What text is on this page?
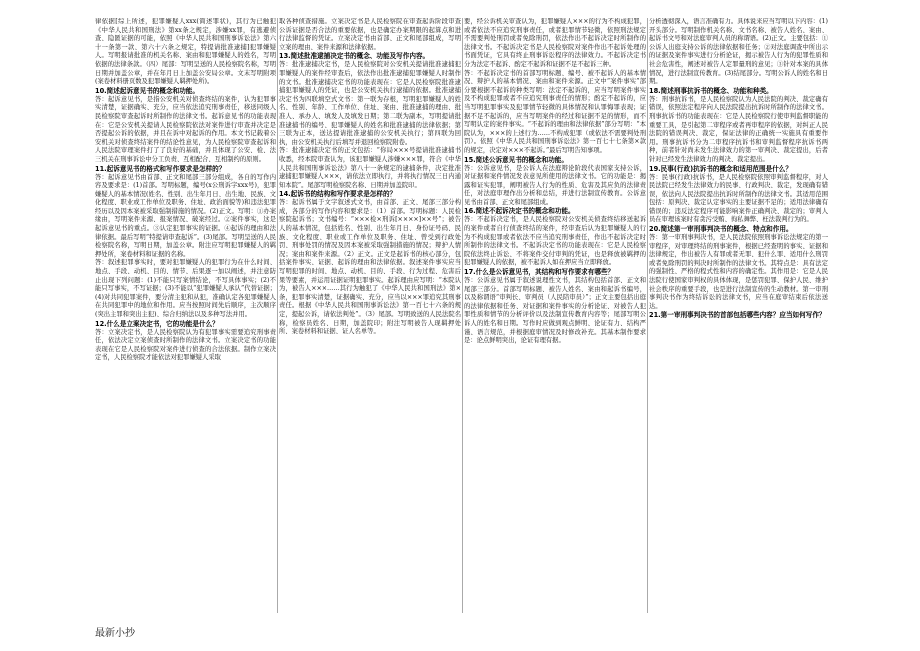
律依据[综上所述，犯罪嫌疑人xxx(简述罪状)，其行为已触犯《中华人民共和国刑法》第xx条之规定，涉嫌xx罪，有逃避侦查、隐匿证据的可能，依照《中华人民共和国刑事诉讼法》第六十一条第一款、第六十六条之规定，特提请批准逮捕]犯罪嫌疑人。写明报请批准的机关名称、案由和犯罪嫌疑人的姓名，写明依据的法律条款。（四）尾部：写明呈送的人民检察院名称，写明日期并加盖公章，并在年月日上加盖公安局公章。文末写明附项(案卷材料册页数及犯罪嫌疑人羁押处所)。
10.简述起诉意见书的概念和功能。
答：起诉意见书，是指公安机关对侦查终结的案件，认为犯罪事实清楚，证据确实、充分，应当依法追究刑事责任，移送同级人民检察院审查起诉时所制作的法律文书。起诉意见书的功能表现在：它是公安机关提请人民检察院依法对案件进行审查并决定是否提起公诉的依据，并且在诉中对起诉的作用。本文书记载着公安机关对侦查终结案件的结论性意见，为人民检察院审查起诉和人民法院审理案件打了了良好的基础，并且体现了公安、检、法三机关在刑事诉讼中分工负责、互相配合、互相制约的原则。
11.起诉意见书的格式和写作要求是怎样的？
答：起诉意见书由首部、正文和尾部三部分组成，各自的写作内容及要求是：(1)首部。写明标题，编号(x公刑诉字xxx号)，犯罪嫌疑人的基本情况(姓名、性别、出生年月日、出生地、民族、文化程度、职业或工作单位及职务、住址、政治面貌等)和违法犯罪经历以及因本案被采取强制措施的情况。(2)正文。写明：①办案缘由，写明案件来源、报案情况、破案经过。②案件事实，这是起诉意见书的重点。③认定犯罪事实的证据。④起诉的理由和法律依据。最后写明“特提请审查起诉”。(3)尾部。写明呈送的人民检察院名称，写明日期，加盖公章。附注应写明犯罪嫌疑人的羁押处所，案卷材料和证据的名称。
答：叙述犯罪事实时，要对犯罪嫌疑人的犯罪行为在什么时间、地点、手段、动机、目的、情节、后果逐一加以阐述，并注意防止出现下列问题：(1)不能只写案情结论，不写具体事实；(2)不能只写事实，不写证据；(3)不能以“犯罪嫌疑人承认”代替证据；(4)对共同犯罪案件，要分清主犯和从犯，准确认定各犯罪嫌疑人在共同犯罪中的地位和作用。应当按照时间先后顺序，主次顺序(突出主罪和突出主犯)、综合归纳法以及多种写法并用。
12.什么是立案决定书，它的功能是什么？
答：立案决定书，是人民检察院认为有犯罪事实需要追究刑事责任，依法决定立案侦查时所制作的法律文书。立案决定书的功能表现在它是人民检察院对案件进行侦查的合法依据。制作立案决定书，人民检察院才能依法对犯罪嫌疑人采取
取各种侦查措施。立案决定书是人民检察院在审查起诉阶段审查公诉证据是否合法的重要依据，也是确定办案期限的起算点和进行法律监督的凭证。立案决定书由首部、正文和尾部组成，写明立案的理由、案件来源和法律依据。
13.简述批准逮捕决定书的概念、功能及写作内容。
答：批准逮捕决定书，是人民检察院对公安机关提请批准逮捕犯罪嫌疑人的案件经审查后，依法作出批准逮捕犯罪嫌疑人时制作的文书。批准逮捕决定书的功能表现在：它是人民检察院批准逮捕犯罪嫌疑人的凭证，也是公安机关执行逮捕的依据。批准逮捕决定书为四联填空式文书：第一联为存根，写明犯罪嫌疑人的姓名、性别、年龄、工作单位、住址、案由、批准逮捕的理由、批准人、承办人、填发人及填发日期；第二联为副本，写明提请批准逮捕书的编号、犯罪嫌疑人的姓名和批准逮捕的法律依据；第三联为正本，送达提请批准逮捕的公安机关执行；第四联为回执，由公安机关执行后填写并退回检察院附卷。
答：批准逮捕决定书的正文包括：“你局×××号提请批准逮捕书收悉，经本院审查认为，该犯罪嫌疑人涉嫌×××罪，符合《中华人民共和国刑事诉讼法》第八十一条规定的逮捕条件，决定批准逮捕犯罪嫌疑人×××，请依法立即执行，并将执行情况三日内通知本院”。尾部写明检察院名称、日期并加盖院印。
14.起诉书的结构和写作要求是怎样的？
答：起诉书属于文字叙述式文书，由首部、正文、尾部三部分构成，各部分的写作内容和要求是：（1）首部。写明标题：人民检察院起诉书；文书编号：“×××检×刑诉[××××]××号”；被告人的基本情况，包括姓名、性别、出生年月日、身份证号码、民族、文化程度、职业或工作单位及职务、住址、曾受到行政处罚、刑事处罚的情况及因本案被采取强制措施的情况；辩护人情况；案由和案件来源。（2）正文。正文是起诉书的核心部分，包括案件事实、证据、起诉的理由和法律依据。叙述案件事实应当写明犯罪的时间、地点、动机、目的、手段、行为过程、危害后果等要素，并运用证据证明犯罪事实。起诉理由应写明：“本院认为，被告人×××……其行为触犯了《中华人民共和国刑法》第×条，犯罪事实清楚，证据确实、充分，应当以×××罪追究其刑事责任。根据《中华人民共和国刑事诉讼法》第一百七十六条的规定，提起公诉，请依法判处”。（3）尾部。写明致送的人民法院名称，检察员姓名、日期，加盖院印；附注写明被告人现羁押处所、案卷材料和证据、证人名单等。
要，经公诉机关审查认为，犯罪嫌疑人×××的行为不构成犯罪，或者依法不应追究刑事责任，或者犯罪情节轻微，依照刑法规定不需要判处刑罚或者免除刑罚，依法作出不起诉决定时所制作的法律文书。不起诉决定书是人民检察院对案件作出不起诉处理的书面凭证，它具有终止刑事诉讼程序的法律效力。不起诉决定书分为法定不起诉、酌定不起诉和证据不足不起诉三种。
答：不起诉决定书的首部写明标题、编号、被不起诉人的基本情况、辩护人的基本情况、案由和案件来源。正文中“案件事实”部分要根据不起诉的种类写明：法定不起诉的，应当写明案件事实及不构成犯罪或者不应追究刑事责任的情形；酌定不起诉的，应当写明犯罪事实及犯罪情节轻微的具体情况和认罪悔罪表现；证据不足不起诉的，应当写明案件的经过和证据不足的情形，而不写明认定的案件事实。“不起诉的理由和法律依据”部分写明：“本院认为，×××的上述行为……不构成犯罪（或依法不需要判处刑罚）。依照《中华人民共和国刑事诉讼法》第一百七十七条第×款的规定，决定对×××不起诉。”最后写明告知事项。
15.简述公诉意见书的概念和功能。
答：公诉意见书，是公诉人在法庭辩论阶段代表国家支持公诉，对证据和案件情况发表意见所使用的法律文书。它的功能是：揭露和证实犯罪，阐明被告人行为的性质、危害及其应负的法律责任，对法庭审理作出分析和总结，并进行法制宣传教育。公诉意见书由首部、正文和尾部组成。
16.简述不起诉决定书的概念和功能。
答：不起诉决定书，是人民检察院对公安机关侦查终结移送起诉的案件或者自行侦查终结的案件，经审查后认为犯罪嫌疑人的行为不构成犯罪或者依法不应当追究刑事责任，作出不起诉决定时所制作的法律文书。不起诉决定书的功能表现在：它是人民检察院依法终止诉讼、不将案件交付审判的凭证，也是释放被羁押的犯罪嫌疑人的依据，被不起诉人如在押应当立即释放。
17.什么是公诉意见书，其结构和写作要求有哪些？
答：公诉意见书属于叙述说理性文书，其结构包括首部、正文和尾部三部分。首部写明标题、被告人姓名、案由和起诉书编号，以及称谓语“审判长、审判员（人民陪审员）”；正文主要包括出庭的法律依据和任务、对证据和案件事实的分析论证、对被告人犯罪性质和情节的分析评价以及法制宣传教育内容等；尾部写明公诉人的姓名和日期。写作时应做到观点鲜明、论证有力、结构严谨、语言规范，并根据庭审情况及时修改补充。其基本制作要求是：论点鲜明突出，论证有理有据。
分析透彻深入，语言准确有力。具体说来应当写明以下内容：(1)开头部分。写明制作机关名称、文书名称、被告人姓名、案由、起诉书文号和对法庭审判人员的称谓语。(2)正文。主要包括：①公诉人出庭支持公诉的法律依据和任务；②对法庭调查中所出示的证据及案件事实进行分析论证，揭示被告人行为的犯罪性质和社会危害性，阐述对被告人定罪量刑的意见；③针对本案的具体情况，进行法制宣传教育。(3)结尾部分。写明公诉人的姓名和日期。
18.简述刑事抗诉书的概念、功能和种类。
答：刑事抗诉书，是人民检察院认为人民法院的判决、裁定确有错误，依照法定程序向人民法院提出抗诉时所制作的法律文书。刑事抗诉书的功能表现在：它是人民检察院行使审判监督职能的重要工具，是引起第二审程序或者再审程序的依据，对纠正人民法院的错误判决、裁定，保证法律的正确统一实施具有重要作用。刑事抗诉书分为二审程序抗诉书和审判监督程序抗诉书两种，前者针对尚未发生法律效力的第一审判决、裁定提出，后者针对已经发生法律效力的判决、裁定提出。
19.民事(行政)抗诉书的概念和适用范围是什么？
答：民事(行政)抗诉书，是人民检察院依照审判监督程序，对人民法院已经发生法律效力的民事、行政判决、裁定，发现确有错误，依法向人民法院提出抗诉时所制作的法律文书。其适用范围包括：原判决、裁定认定事实的主要证据不足的；适用法律确有错误的；违反法定程序可能影响案件正确判决、裁定的；审判人员在审理该案时有贪污受贿、徇私舞弊、枉法裁判行为的。
20.简述第一审刑事判决书的概念、特点和作用。
答：第一审刑事判决书，是人民法院依照刑事诉讼法规定的第一审程序，对审理终结的刑事案件，根据已经查明的事实、证据和法律规定，作出被告人有罪或者无罪、犯什么罪、适用什么刑罚或者免除刑罚的判决时所制作的法律文书。其特点是：具有法定的强制性、严格的程式性和内容的确定性。其作用是：它是人民法院行使国家审判权的具体体现，是惩罚犯罪、保护人民、维护社会秩序的重要手段，也是进行法制宣传的生动教材。第一审刑事判决书作为终结诉讼的法律文书，应当在庭审结束后依法送达。
21.第一审刑事判决书的首部包括哪些内容？应当如何写作？
最新小抄
